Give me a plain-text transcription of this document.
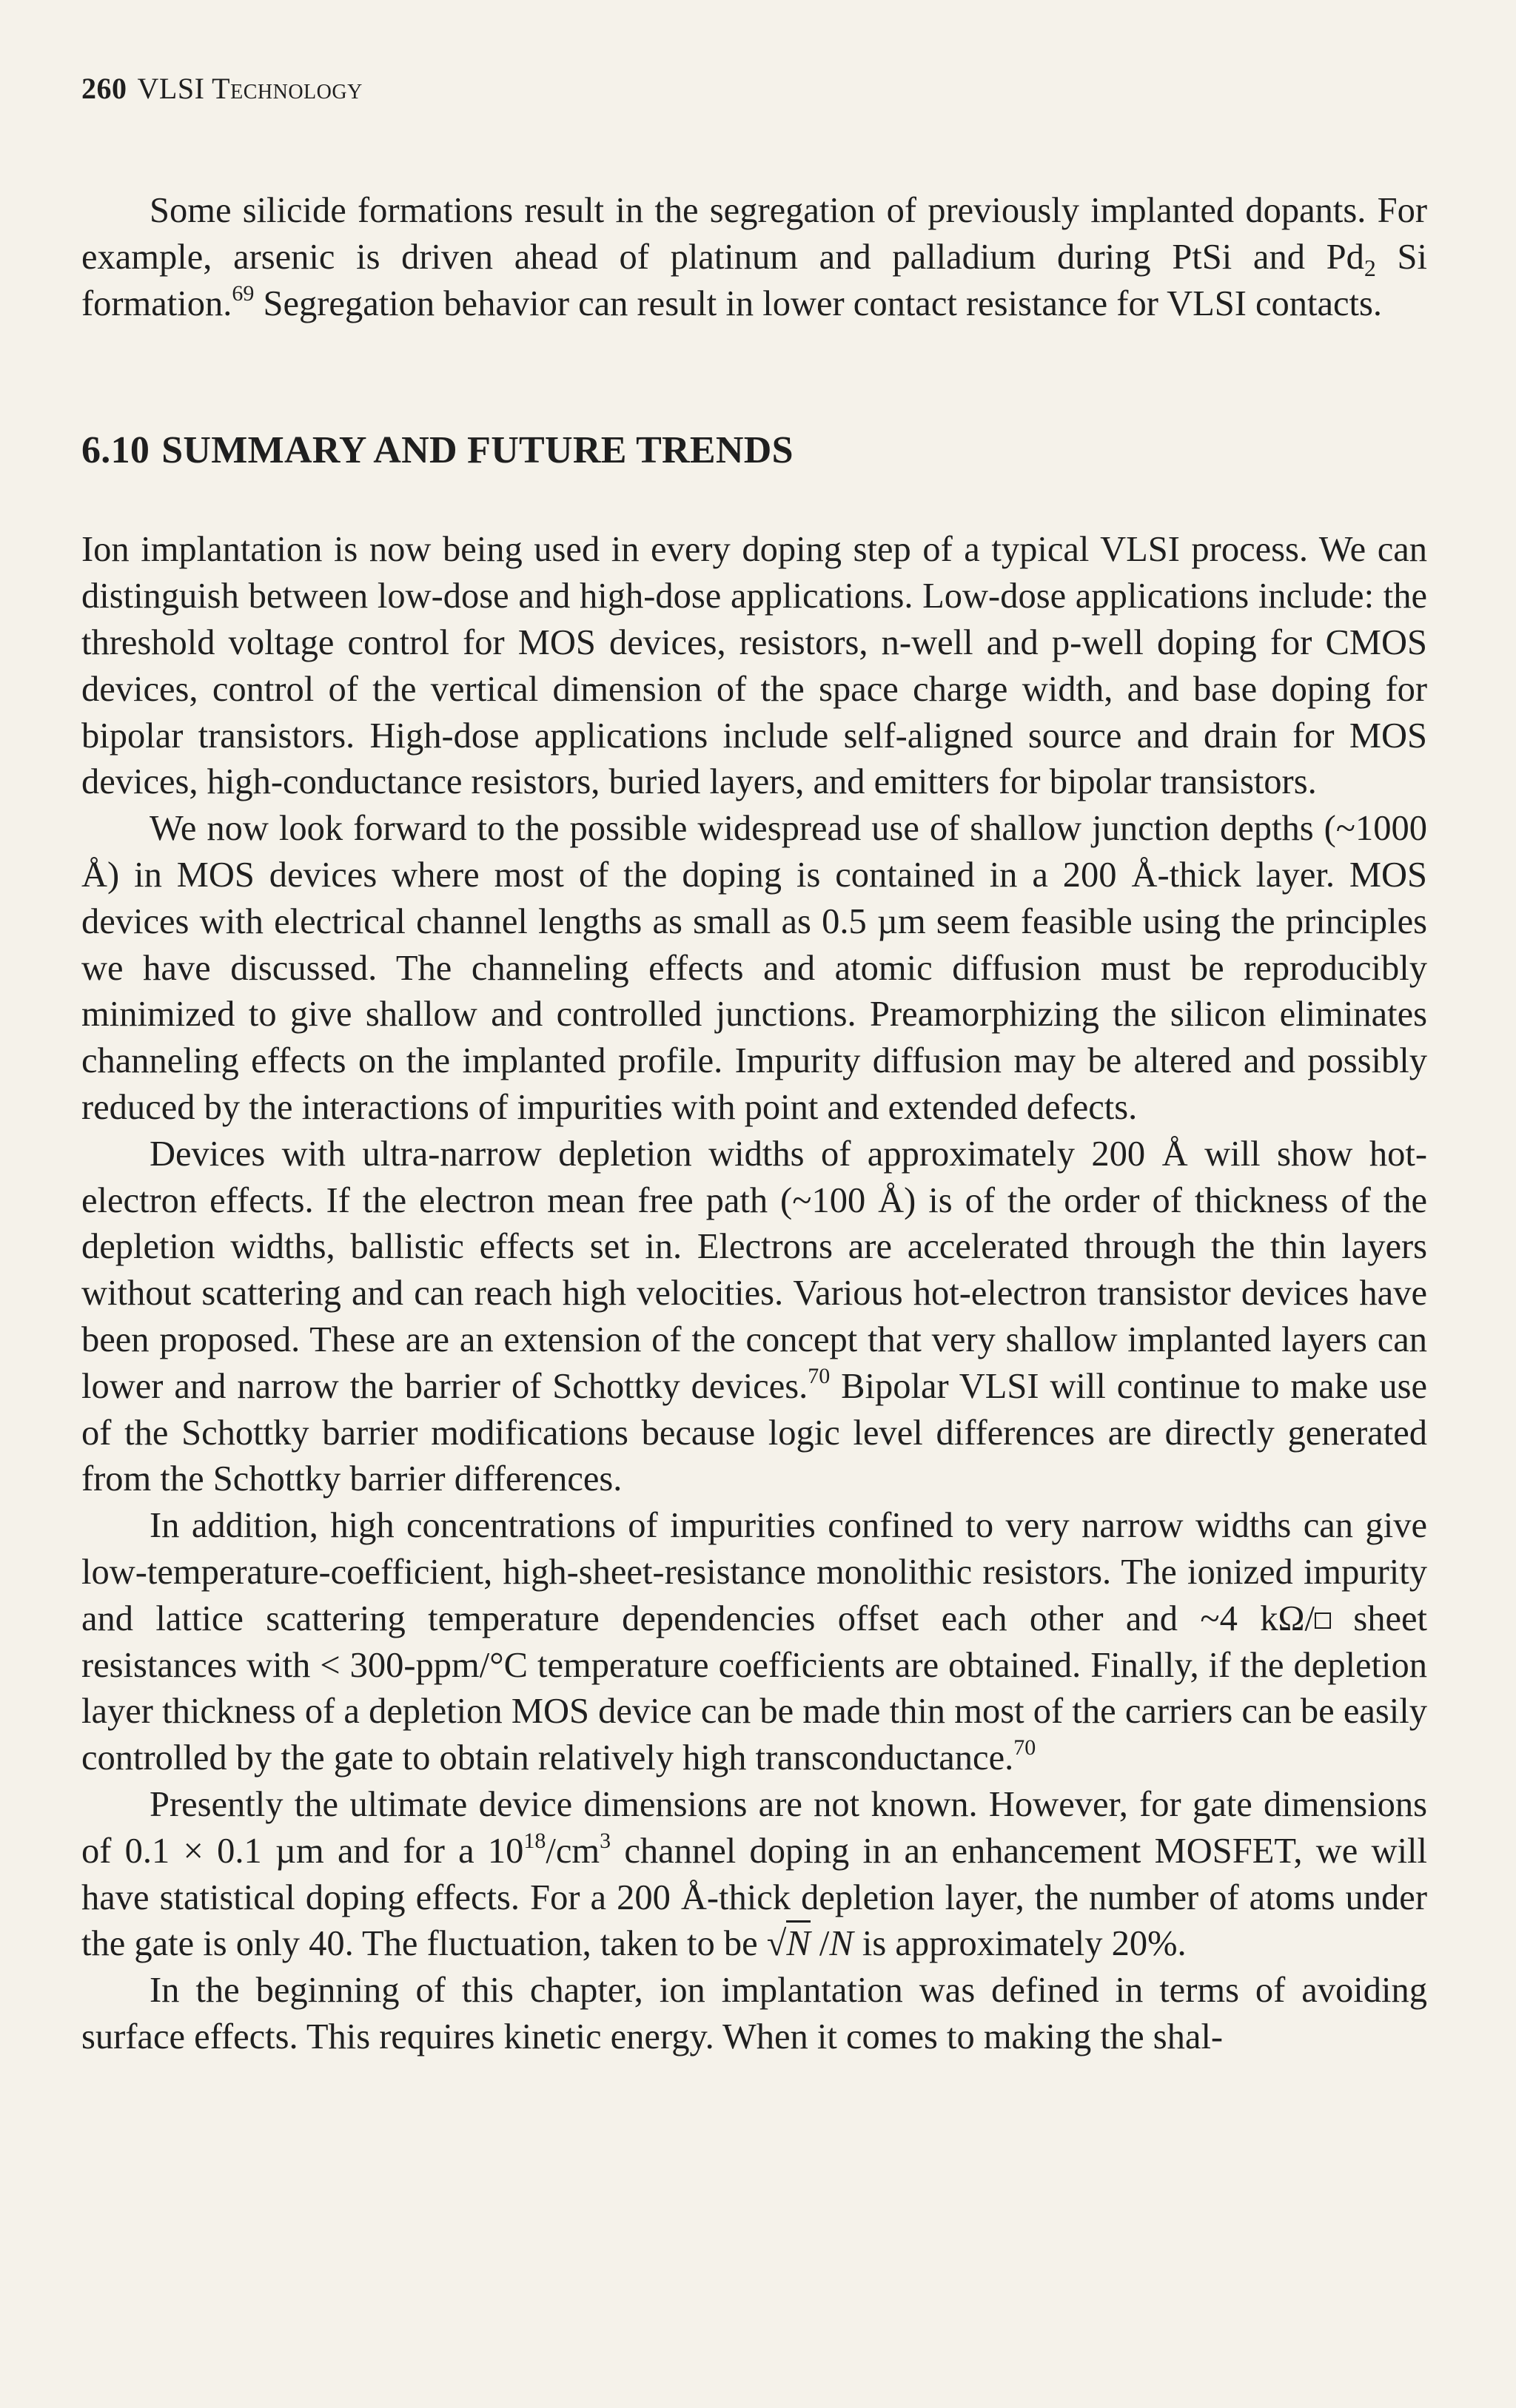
260 VLSI Technology

Some silicide formations result in the segregation of previously implanted dopants. For example, arsenic is driven ahead of platinum and palladium during PtSi and $Pd_2$ Si formation.$^{69}$ Segregation behavior can result in lower contact resistance for VLSI contacts.

6.10 SUMMARY AND FUTURE TRENDS

Ion implantation is now being used in every doping step of a typical VLSI process. We can distinguish between low-dose and high-dose applications. Low-dose applications include: the threshold voltage control for MOS devices, resistors, n-well and p-well doping for CMOS devices, control of the vertical dimension of the space charge width, and base doping for bipolar transistors. High-dose applications include self-aligned source and drain for MOS devices, high-conductance resistors, buried layers, and emitters for bipolar transistors.

We now look forward to the possible widespread use of shallow junction depths (~1000 Å) in MOS devices where most of the doping is contained in a 200 Å-thick layer. MOS devices with electrical channel lengths as small as 0.5 µm seem feasible using the principles we have discussed. The channeling effects and atomic diffusion must be reproducibly minimized to give shallow and controlled junctions. Preamorphizing the silicon eliminates channeling effects on the implanted profile. Impurity diffusion may be altered and possibly reduced by the interactions of impurities with point and extended defects.

Devices with ultra-narrow depletion widths of approximately 200 Å will show hot-electron effects. If the electron mean free path (~100 Å) is of the order of thickness of the depletion widths, ballistic effects set in. Electrons are accelerated through the thin layers without scattering and can reach high velocities. Various hot-electron transistor devices have been proposed. These are an extension of the concept that very shallow implanted layers can lower and narrow the barrier of Schottky devices.$^{70}$ Bipolar VLSI will continue to make use of the Schottky barrier modifications because logic level differences are directly generated from the Schottky barrier differences.

In addition, high concentrations of impurities confined to very narrow widths can give low-temperature-coefficient, high-sheet-resistance monolithic resistors. The ionized impurity and lattice scattering temperature dependencies offset each other and ~4 kΩ/ sheet resistances with < 300-ppm/°C temperature coefficients are obtained. Finally, if the depletion layer thickness of a depletion MOS device can be made thin most of the carriers can be easily controlled by the gate to obtain relatively high transconductance.$^{70}$

Presently the ultimate device dimensions are not known. However, for gate dimensions of 0.1 × 0.1 µm and for a $10^{18}/cm^3$ channel doping in an enhancement MOSFET, we will have statistical doping effects. For a 200 Å-thick depletion layer, the number of atoms under the gate is only 40. The fluctuation, taken to be √N /N is approximately 20%.

In the beginning of this chapter, ion implantation was defined in terms of avoiding surface effects. This requires kinetic energy. When it comes to making the shal-
